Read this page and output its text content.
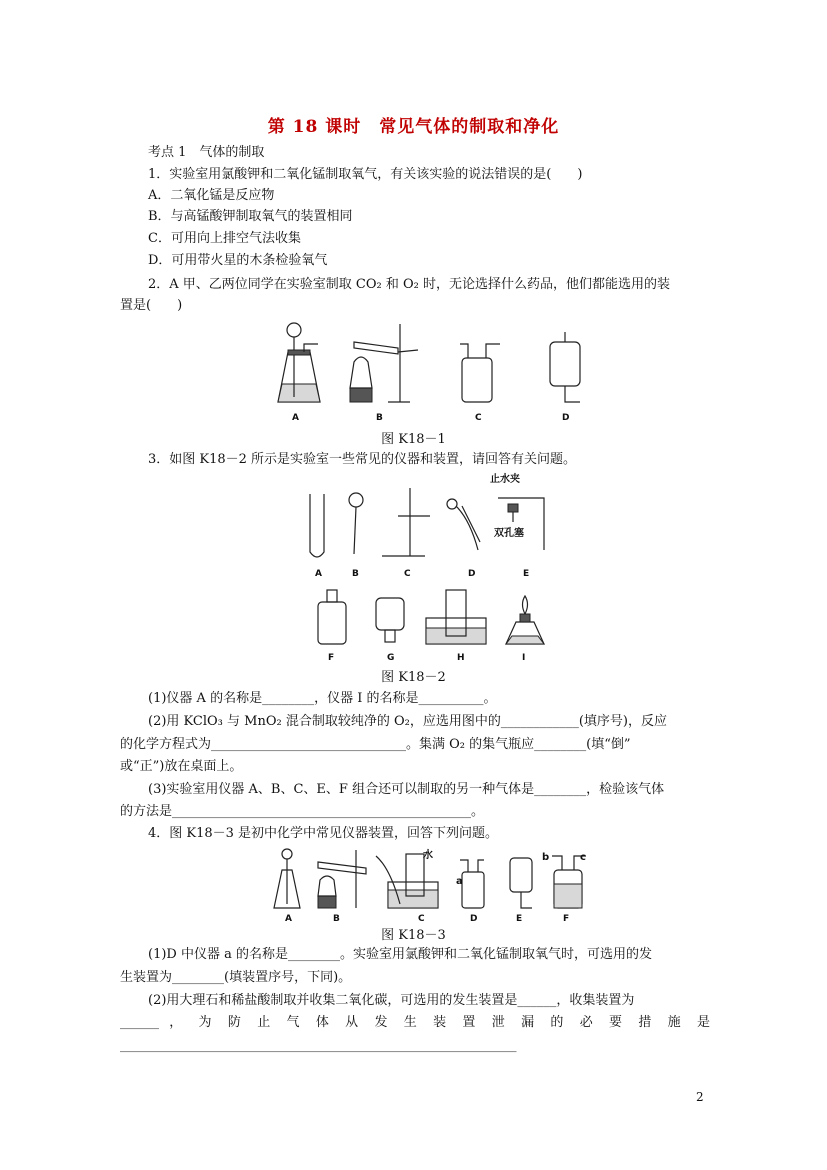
第 18 课时　常见气体的制取和净化
考点 1　气体的制取
1．实验室用氯酸钾和二氧化锰制取氧气，有关该实验的说法错误的是(　　)
A．二氧化锰是反应物
B．与高锰酸钾制取氧气的装置相同
C．可用向上排空气法收集
D．可用带火星的木条检验氧气
2．A 甲、乙两位同学在实验室制取 CO₂ 和 O₂ 时，无论选择什么药品，他们都能选用的装
置是(　　)
A	B	C	D
图 K18－1
3．如图 K18－2 所示是实验室一些常见的仪器和装置，请回答有关问题。
止水夹
双孔塞
A	B	C	D	E
F	G	H	I
图 K18－2
(1)仪器 A 的名称是________，仪器 I 的名称是__________。
(2)用 KClO₃ 与 MnO₂ 混合制取较纯净的 O₂，应选用图中的____________(填序号)，反应
的化学方程式为______________________________。集满 O₂ 的集气瓶应________(填“倒”
或“正”)放在桌面上。
(3)实验室用仪器 A、B、C、E、F 组合还可以制取的另一种气体是________，检验该气体
的方法是______________________________________________。
4．图 K18－3 是初中化学中常见仪器装置，回答下列问题。
水
a
b	c
A	B	C	D	E	F
图 K18－3
(1)D 中仪器 a 的名称是________。实验室用氯酸钾和二氧化锰制取氧气时，可选用的发
生装置为________(填装置序号，下同)。
(2)用大理石和稀盐酸制取并收集二氧化碳，可选用的发生装置是______，收集装置为
______ ， 为 防 止 气 体 从 发 生 装 置 泄 漏 的 必 要 措 施 是
_____________________________________________________________
2
